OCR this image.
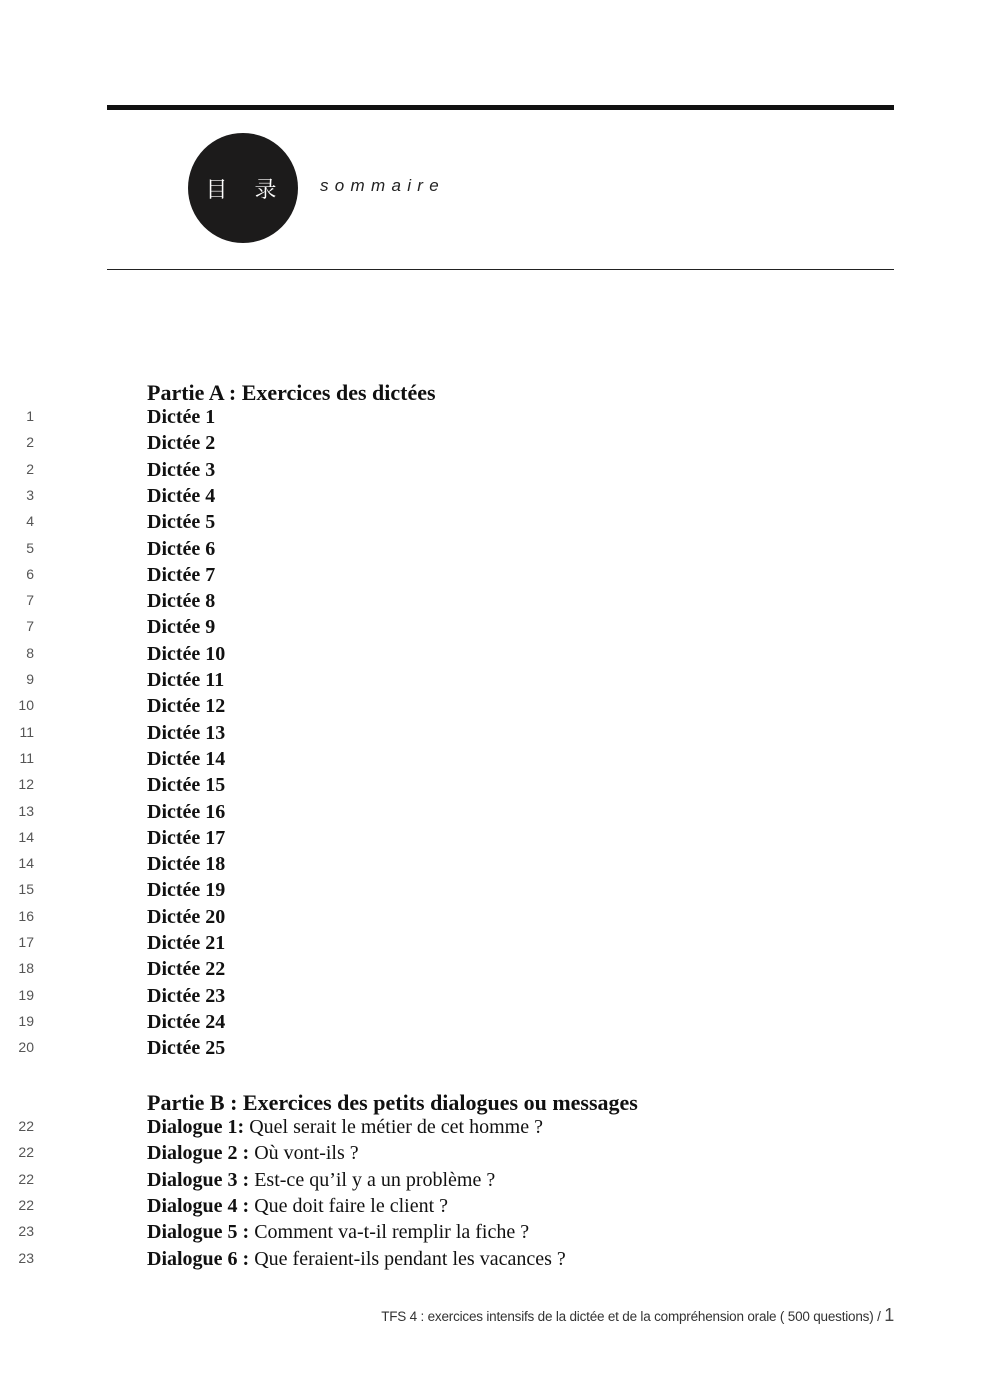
目 录 sommaire
Partie A : Exercices des dictées
1	Dictée 1
2	Dictée 2
2	Dictée 3
3	Dictée 4
4	Dictée 5
5	Dictée 6
6	Dictée 7
7	Dictée 8
7	Dictée 9
8	Dictée 10
9	Dictée 11
10	Dictée 12
11	Dictée 13
11	Dictée 14
12	Dictée 15
13	Dictée 16
14	Dictée 17
14	Dictée 18
15	Dictée 19
16	Dictée 20
17	Dictée 21
18	Dictée 22
19	Dictée 23
19	Dictée 24
20	Dictée 25
Partie B : Exercices des petits dialogues ou messages
22	Dialogue 1: Quel serait le métier de cet homme ?
22	Dialogue 2 : Où vont-ils ?
22	Dialogue 3 : Est-ce qu’il y a un problème ?
22	Dialogue 4 : Que doit faire le client ?
23	Dialogue 5 : Comment va-t-il remplir la fiche ?
23	Dialogue 6 : Que feraient-ils pendant les vacances ?
TFS 4 : exercices intensifs de la dictée et de la compréhension orale ( 500 questions) / 1
